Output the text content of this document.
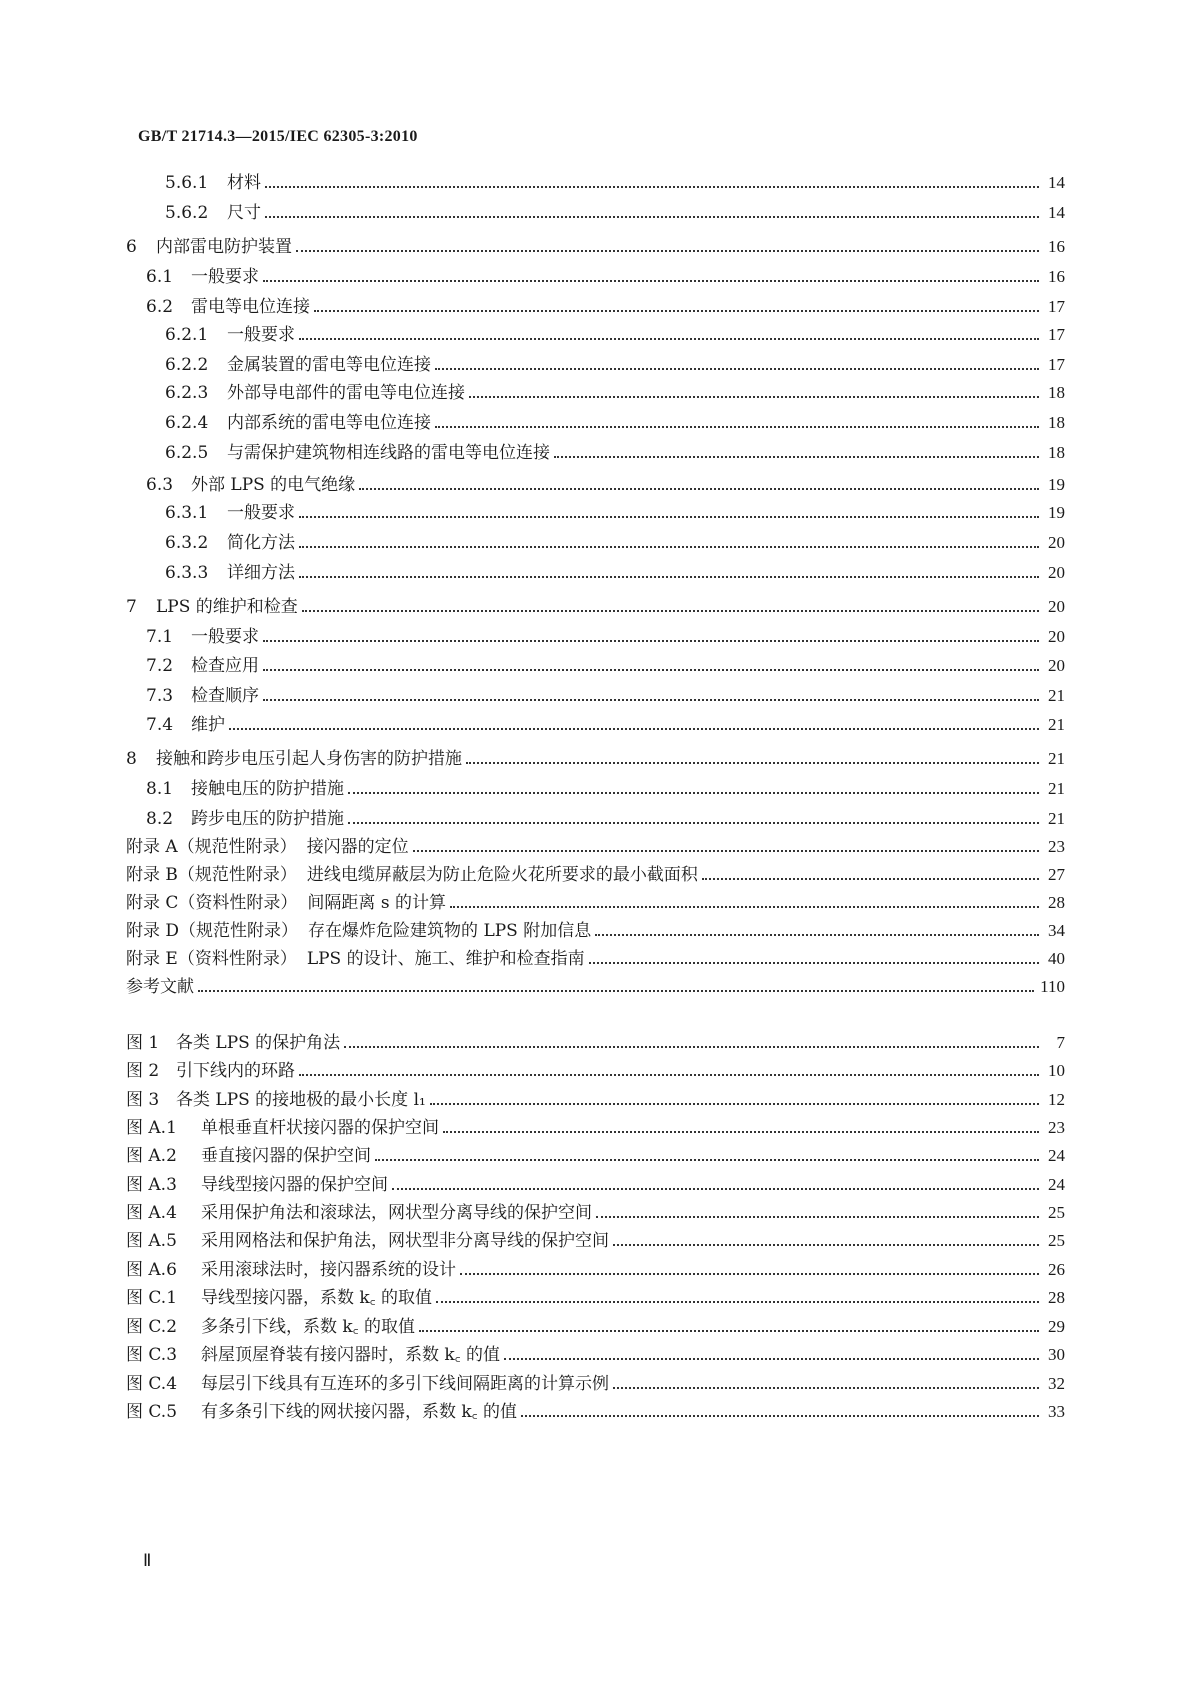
GB/T 21714.3—2015/IEC 62305-3:2010
5.6.1	材料	14
5.6.2	尺寸	14
6	内部雷电防护装置	16
6.1	一般要求	16
6.2	雷电等电位连接	17
6.2.1	一般要求	17
6.2.2	金属装置的雷电等电位连接	17
6.2.3	外部导电部件的雷电等电位连接	18
6.2.4	内部系统的雷电等电位连接	18
6.2.5	与需保护建筑物相连线路的雷电等电位连接	18
6.3	外部 LPS 的电气绝缘	19
6.3.1	一般要求	19
6.3.2	简化方法	20
6.3.3	详细方法	20
7	LPS 的维护和检查	20
7.1	一般要求	20
7.2	检查应用	20
7.3	检查顺序	21
7.4	维护	21
8	接触和跨步电压引起人身伤害的防护措施	21
8.1	接触电压的防护措施	21
8.2	跨步电压的防护措施	21
附录 A（规范性附录） 接闪器的定位	23
附录 B（规范性附录） 进线电缆屏蔽层为防止危险火花所要求的最小截面积	27
附录 C（资料性附录） 间隔距离 s 的计算	28
附录 D（规范性附录） 存在爆炸危险建筑物的 LPS 附加信息	34
附录 E（资料性附录） LPS 的设计、施工、维护和检查指南	40
参考文献	110
图 1 各类 LPS 的保护角法	7
图 2 引下线内的环路	10
图 3 各类 LPS 的接地极的最小长度 l₁	12
图 A.1	单根垂直杆状接闪器的保护空间	23
图 A.2	垂直接闪器的保护空间	24
图 A.3	导线型接闪器的保护空间	24
图 A.4	采用保护角法和滚球法，网状型分离导线的保护空间	25
图 A.5	采用网格法和保护角法，网状型非分离导线的保护空间	25
图 A.6	采用滚球法时，接闪器系统的设计	26
图 C.1	导线型接闪器，系数 k꜀ 的取值	28
图 C.2	多条引下线，系数 k꜀ 的取值	29
图 C.3	斜屋顶屋脊装有接闪器时，系数 k꜀ 的值	30
图 C.4	每层引下线具有互连环的多引下线间隔距离的计算示例	32
图 C.5	有多条引下线的网状接闪器，系数 k꜀ 的值	33
Ⅱ
